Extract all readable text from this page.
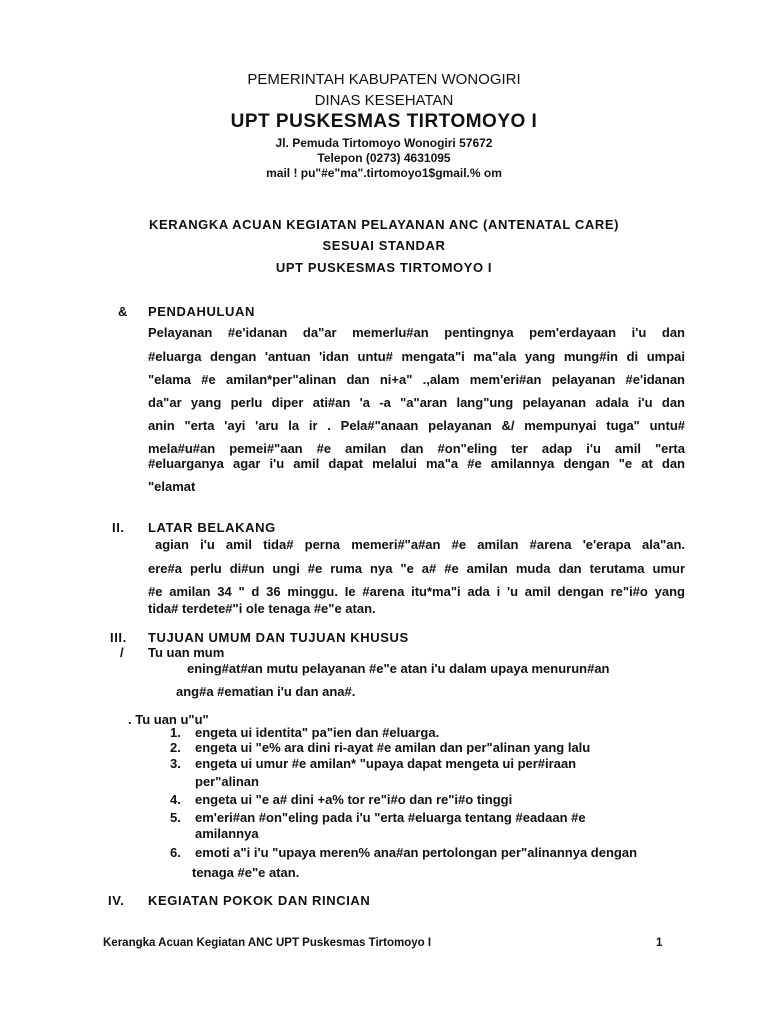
PEMERINTAH KABUPATEN WONOGIRI
DINAS KESEHATAN
UPT PUSKESMAS TIRTOMOYO I
Jl. Pemuda Tirtomoyo Wonogiri 57672
Telepon (0273) 4631095
mail ! pu"#e"ma".tirtomoyo1$gmail.% om
KERANGKA ACUAN KEGIATAN PELAYANAN ANC (ANTENATAL CARE)
SESUAI STANDAR
UPT PUSKESMAS TIRTOMOYO I
& PENDAHULUAN
Pelayanan #e'idanan da"ar memerlu#an pentingnya pem'erdayaan i'u dan
#eluarga dengan 'antuan 'idan untu# mengata"i ma"ala yang mung#in di umpai
"elama #e amilan*per"alinan dan ni+a" .,alam mem'eri#an pelayanan #e'idanan
da"ar yang perlu diper ati#an 'a -a "a"aran lang"ung pelayanan adala i'u dan
anin "erta 'ayi 'aru la ir . Pela#"anaan pelayanan &/ mempunyai tuga" untu#
mela#u#an pemei#"aan #e amilan dan #on"eling ter adap i'u amil "erta
#eluarganya agar i'u amil dapat melalui ma"a #e amilannya dengan "e at dan
"elamat
II. LATAR BELAKANG
agian i'u amil tida# perna memeri#"a#an #e amilan #arena 'e'erapa ala"an.
ere#a perlu di#un ungi #e ruma nya "e a# #e amilan muda dan terutama umur
#e amilan 34 " d 36 minggu. Ie #arena itu*ma"i ada i 'u amil dengan re"i#o yang
tida# terdete#"i ole tenaga #e"e atan.
III. TUJUAN UMUM DAN TUJUAN KHUSUS
/ Tu uan mum
ening#at#an mutu pelayanan #e"e atan i'u dalam upaya menurun#an
ang#a #ematian i'u dan ana#.
. Tu uan u"u"
1. engeta ui identita" pa"ien dan #eluarga.
2. engeta ui "e% ara dini ri-ayat #e amilan dan per"alinan yang lalu
3. engeta ui umur #e amilan* "upaya dapat mengeta ui per#iraan
per"alinan
4. engeta ui "e a# dini +a% tor re"i#o dan re"i#o tinggi
5. em'eri#an #on"eling pada i'u "erta #eluarga tentang #eadaan #e
amilannya
6. emoti a"i i'u "upaya meren% ana#an pertolongan per"alinannya dengan
tenaga #e"e atan.
IV. KEGIATAN POKOK DAN RINCIAN
Kerangka Acuan Kegiatan ANC UPT Puskesmas Tirtomoyo I	1
